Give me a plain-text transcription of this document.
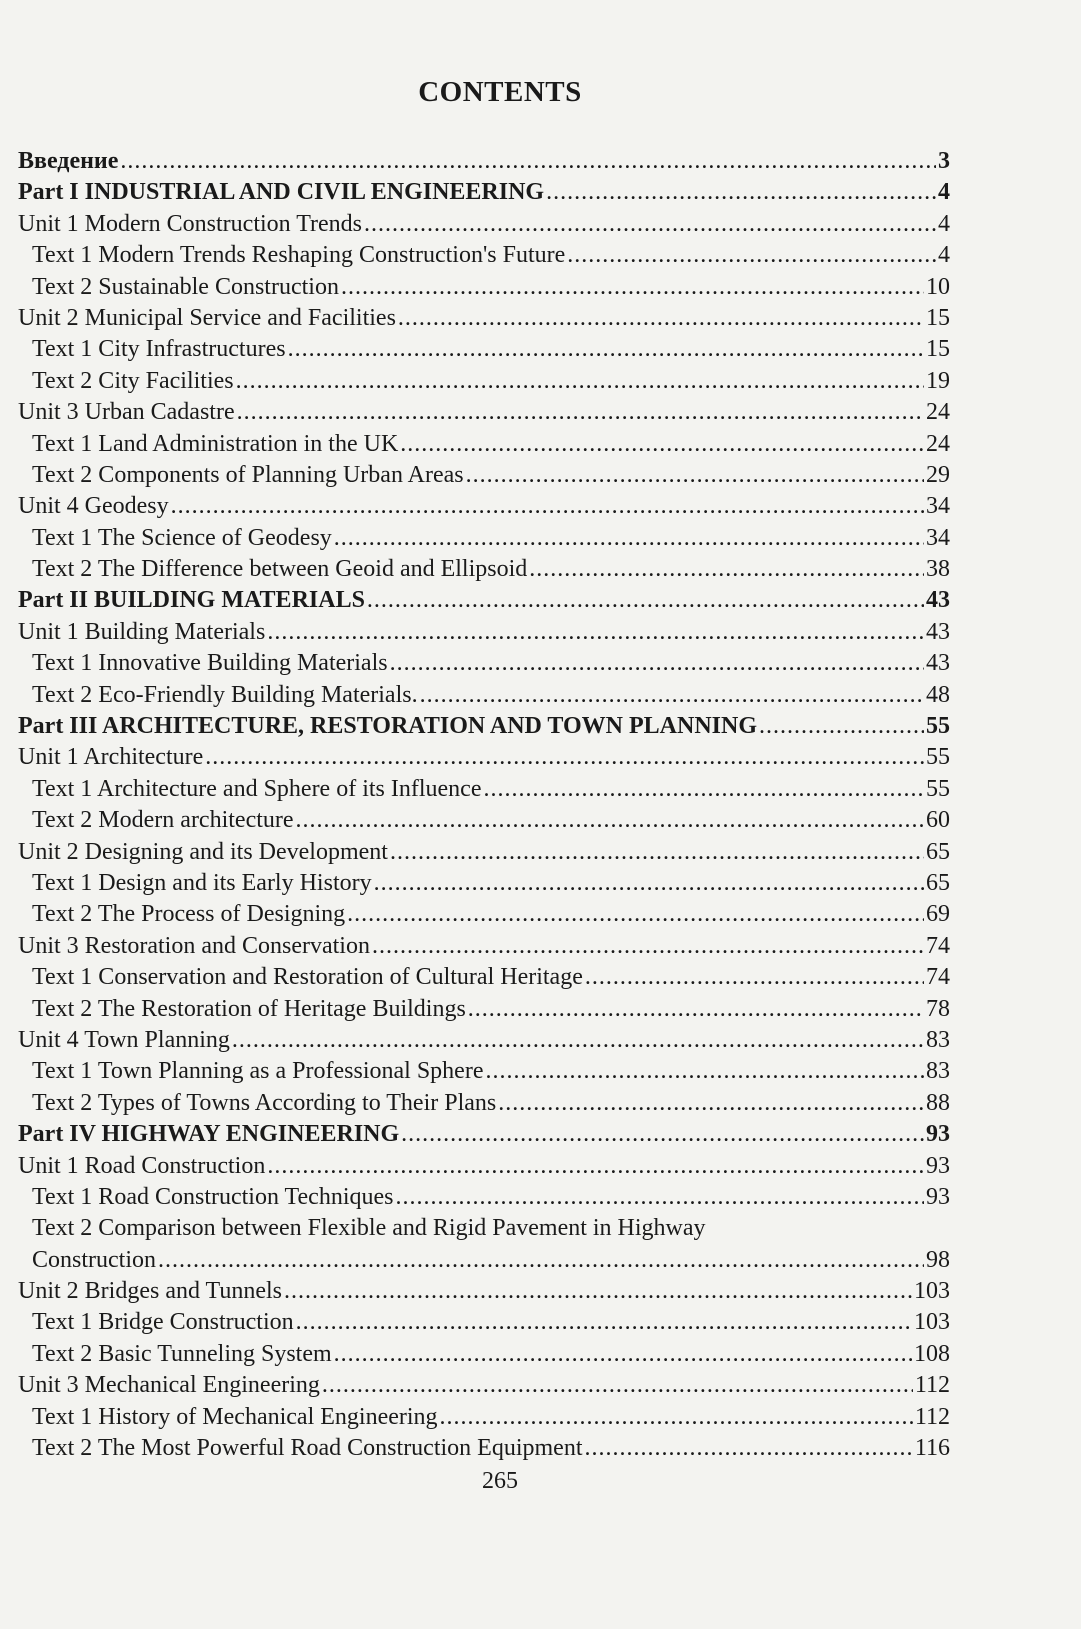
CONTENTS
Введение .....	3
Part I INDUSTRIAL AND CIVIL ENGINEERING .....	4
Unit 1 Modern Construction Trends .....	4
Text 1 Modern Trends Reshaping Construction's Future .....	4
Text 2 Sustainable Construction .....	10
Unit 2 Municipal Service and Facilities .....	15
Text 1 City Infrastructures .....	15
Text 2 City Facilities .....	19
Unit 3 Urban Cadastre .....	24
Text 1 Land Administration in the UK .....	24
Text 2 Components of Planning Urban Areas .....	29
Unit 4 Geodesy .....	34
Text 1 The Science of Geodesy .....	34
Text 2 The Difference between Geoid and Ellipsoid .....	38
Part II BUILDING MATERIALS .....	43
Unit 1 Building Materials .....	43
Text 1 Innovative Building Materials .....	43
Text 2 Eco-Friendly Building Materials. .....	48
Part III ARCHITECTURE, RESTORATION AND TOWN PLANNING .....	55
Unit 1 Architecture .....	55
Text 1 Architecture and Sphere of its Influence .....	55
Text 2 Modern architecture .....	60
Unit 2 Designing and its Development .....	65
Text 1 Design and its Early History .....	65
Text 2 The Process of Designing .....	69
Unit 3 Restoration and Conservation .....	74
Text 1 Conservation and Restoration of Cultural Heritage .....	74
Text 2 The Restoration of Heritage Buildings .....	78
Unit 4 Town Planning .....	83
Text 1 Town Planning as a Professional Sphere .....	83
Text 2 Types of Towns According to Their Plans .....	88
Part IV HIGHWAY ENGINEERING .....	93
Unit 1 Road Construction .....	93
Text 1 Road Construction Techniques .....	93
Text 2 Comparison between Flexible and Rigid Pavement in Highway
Construction .....	98
Unit 2 Bridges and Tunnels .....	103
Text 1 Bridge Construction .....	103
Text 2 Basic Tunneling System .....	108
Unit 3 Mechanical Engineering .....	112
Text 1 History of Mechanical Engineering .....	112
Text 2 The Most Powerful Road Construction Equipment .....	116
265
